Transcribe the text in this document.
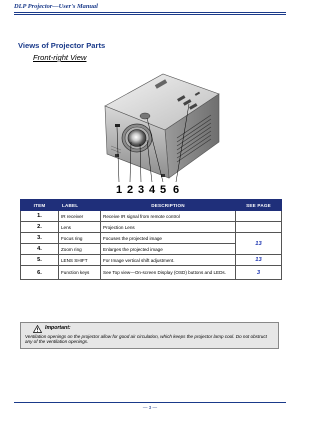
DLP Projector—User's Manual
Views of Projector Parts
Front-right View
1 2 3 4 5 6
ITEM	LABEL	DESCRIPTION	SEE PAGE
1.	IR receiver	Receive IR signal from remote control	
2.	Lens	Projection Lens	
3.	Focus ring	Focuses the projected image	13
4.	Zoom ring	Enlarges the projected image	
5.	LENS SHIFT	For Image vertical shift adjustment.	13
6.	Function keys	See Top view—On-screen Display (OSD) buttons and LEDs.	3
Important:
Ventilation openings on the projector allow for good air circulation, which keeps the projector lamp cool. Do not obstruct any of the ventilation openings.
— 3 —
